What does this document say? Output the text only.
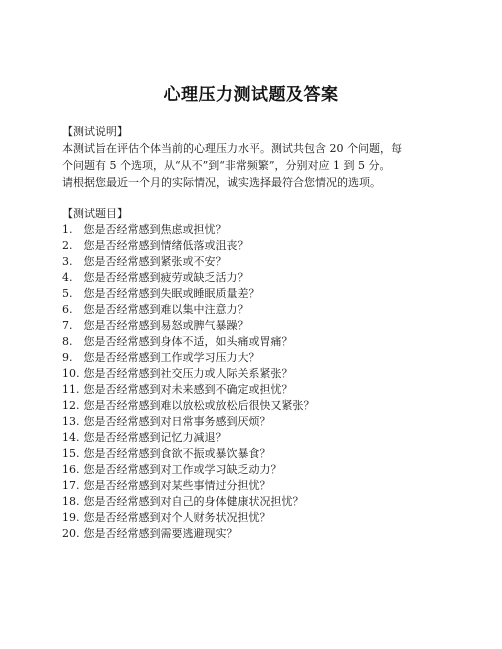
心理压力测试题及答案

【测试说明】

本测试旨在评估个体当前的心理压力水平。测试共包含 20 个问题，每

个问题有 5 个选项，从“从不”到“非常频繁”，分别对应 1 到 5 分。

请根据您最近一个月的实际情况，诚实选择最符合您情况的选项。

【测试题目】

1. 您是否经常感到焦虑或担忧？
2. 您是否经常感到情绪低落或沮丧？
3. 您是否经常感到紧张或不安？
4. 您是否经常感到疲劳或缺乏活力？
5. 您是否经常感到失眠或睡眠质量差？
6. 您是否经常感到难以集中注意力？
7. 您是否经常感到易怒或脾气暴躁？
8. 您是否经常感到身体不适，如头痛或胃痛？
9. 您是否经常感到工作或学习压力大？
10. 您是否经常感到社交压力或人际关系紧张？
11. 您是否经常感到对未来感到不确定或担忧？
12. 您是否经常感到难以放松或放松后很快又紧张？
13. 您是否经常感到对日常事务感到厌烦？
14. 您是否经常感到记忆力减退？
15. 您是否经常感到食欲不振或暴饮暴食？
16. 您是否经常感到对工作或学习缺乏动力？
17. 您是否经常感到对某些事情过分担忧？
18. 您是否经常感到对自己的身体健康状况担忧？
19. 您是否经常感到对个人财务状况担忧？
20. 您是否经常感到需要逃避现实？
